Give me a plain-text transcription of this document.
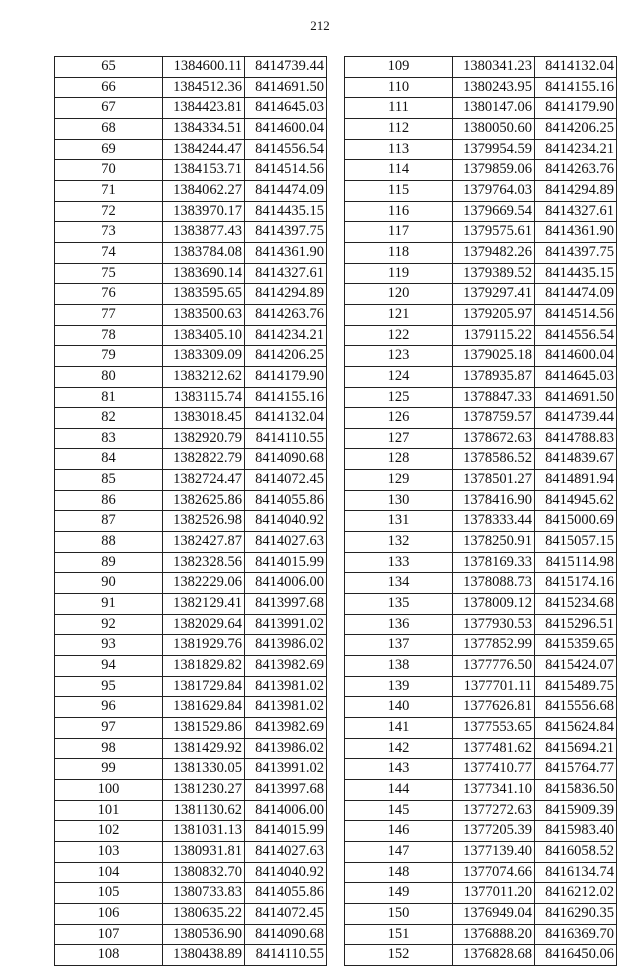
212
65	1384600.11	8414739.44
66	1384512.36	8414691.50
67	1384423.81	8414645.03
68	1384334.51	8414600.04
69	1384244.47	8414556.54
70	1384153.71	8414514.56
71	1384062.27	8414474.09
72	1383970.17	8414435.15
73	1383877.43	8414397.75
74	1383784.08	8414361.90
75	1383690.14	8414327.61
76	1383595.65	8414294.89
77	1383500.63	8414263.76
78	1383405.10	8414234.21
79	1383309.09	8414206.25
80	1383212.62	8414179.90
81	1383115.74	8414155.16
82	1383018.45	8414132.04
83	1382920.79	8414110.55
84	1382822.79	8414090.68
85	1382724.47	8414072.45
86	1382625.86	8414055.86
87	1382526.98	8414040.92
88	1382427.87	8414027.63
89	1382328.56	8414015.99
90	1382229.06	8414006.00
91	1382129.41	8413997.68
92	1382029.64	8413991.02
93	1381929.76	8413986.02
94	1381829.82	8413982.69
95	1381729.84	8413981.02
96	1381629.84	8413981.02
97	1381529.86	8413982.69
98	1381429.92	8413986.02
99	1381330.05	8413991.02
100	1381230.27	8413997.68
101	1381130.62	8414006.00
102	1381031.13	8414015.99
103	1380931.81	8414027.63
104	1380832.70	8414040.92
105	1380733.83	8414055.86
106	1380635.22	8414072.45
107	1380536.90	8414090.68
108	1380438.89	8414110.55
109	1380341.23	8414132.04
110	1380243.95	8414155.16
111	1380147.06	8414179.90
112	1380050.60	8414206.25
113	1379954.59	8414234.21
114	1379859.06	8414263.76
115	1379764.03	8414294.89
116	1379669.54	8414327.61
117	1379575.61	8414361.90
118	1379482.26	8414397.75
119	1379389.52	8414435.15
120	1379297.41	8414474.09
121	1379205.97	8414514.56
122	1379115.22	8414556.54
123	1379025.18	8414600.04
124	1378935.87	8414645.03
125	1378847.33	8414691.50
126	1378759.57	8414739.44
127	1378672.63	8414788.83
128	1378586.52	8414839.67
129	1378501.27	8414891.94
130	1378416.90	8414945.62
131	1378333.44	8415000.69
132	1378250.91	8415057.15
133	1378169.33	8415114.98
134	1378088.73	8415174.16
135	1378009.12	8415234.68
136	1377930.53	8415296.51
137	1377852.99	8415359.65
138	1377776.50	8415424.07
139	1377701.11	8415489.75
140	1377626.81	8415556.68
141	1377553.65	8415624.84
142	1377481.62	8415694.21
143	1377410.77	8415764.77
144	1377341.10	8415836.50
145	1377272.63	8415909.39
146	1377205.39	8415983.40
147	1377139.40	8416058.52
148	1377074.66	8416134.74
149	1377011.20	8416212.02
150	1376949.04	8416290.35
151	1376888.20	8416369.70
152	1376828.68	8416450.06
